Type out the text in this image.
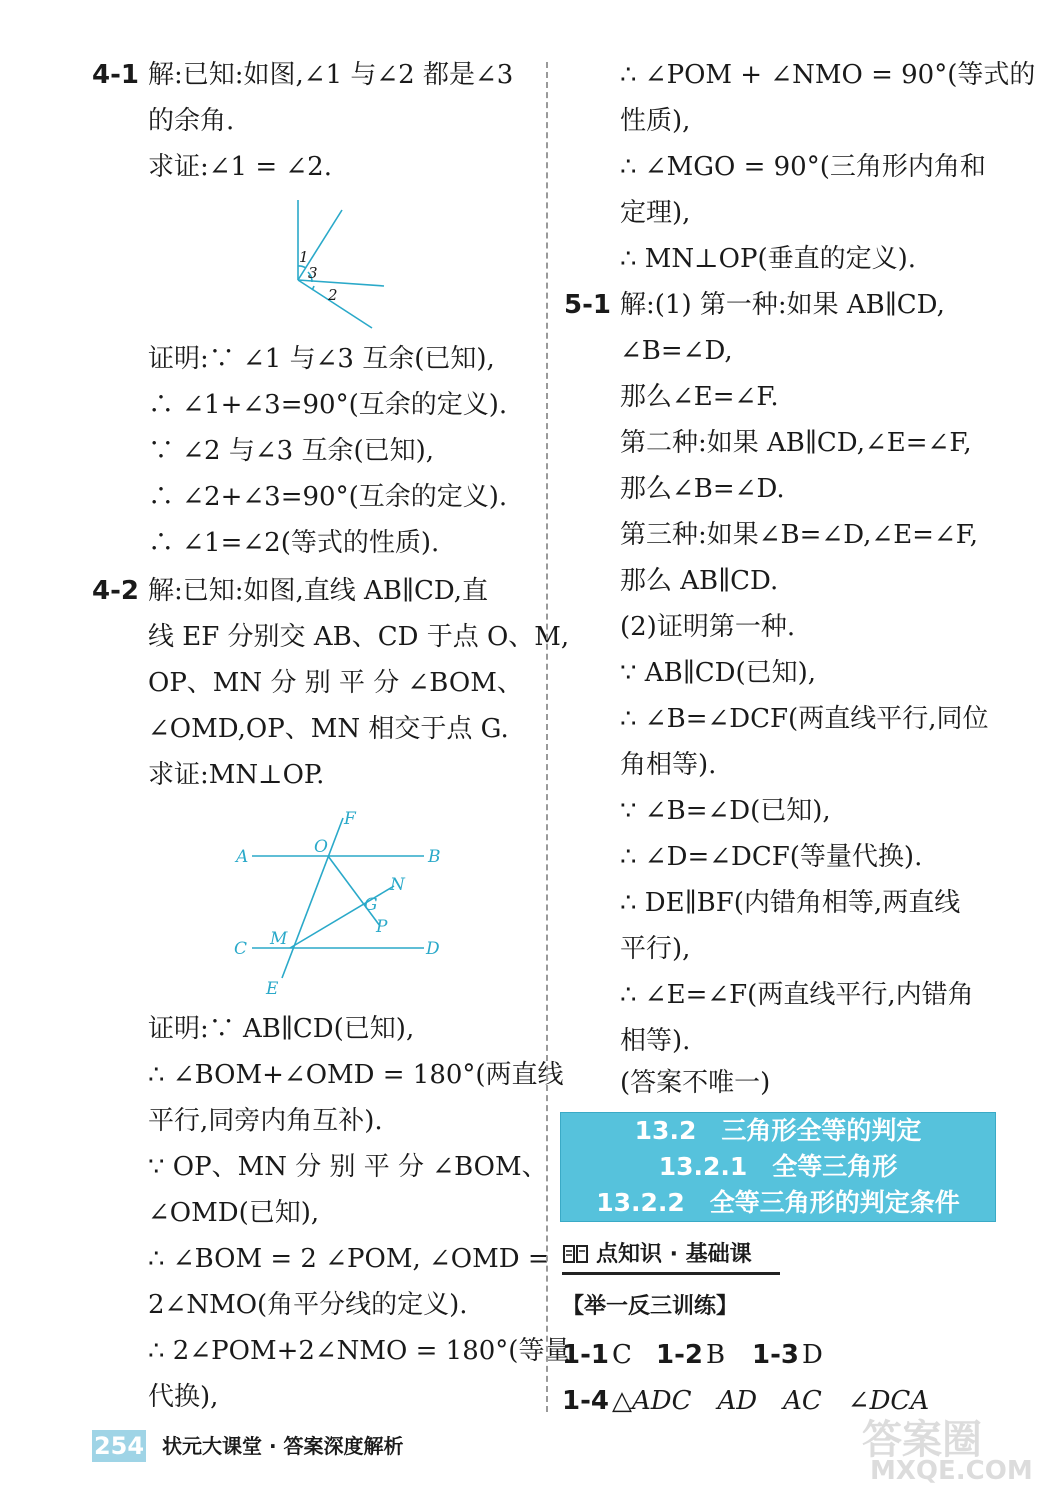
4-1 解:已知:如图,∠1 与∠2 都是∠3
的余角.
求证:∠1 = ∠2.
1
3
2
证明:∵ ∠1 与∠3 互余(已知),
∴ ∠1+∠3=90°(互余的定义).
∵ ∠2 与∠3 互余(已知),
∴ ∠2+∠3=90°(互余的定义).
∴ ∠1=∠2(等式的性质).
4-2 解:已知:如图,直线 AB∥CD,直
线 EF 分别交 AB、CD 于点 O、M,
OP、MN 分 别 平 分 ∠BOM、
∠OMD,OP、MN 相交于点 G.
求证:MN⊥OP.
F
O
A	B
N
G
P
C M	D
E
证明:∵ AB∥CD(已知),
∴ ∠BOM+∠OMD = 180°(两直线
平行,同旁内角互补).
∵ OP、MN 分 别 平 分 ∠BOM、
∠OMD(已知),
∴ ∠BOM = 2 ∠POM, ∠OMD =
2∠NMO(角平分线的定义).
∴ 2∠POM+2∠NMO = 180°(等量
代换),
∴ ∠POM + ∠NMO = 90°(等式的
性质),
∴ ∠MGO = 90°(三角形内角和
定理),
∴ MN⊥OP(垂直的定义).
5-1 解:(1) 第一种:如果 AB∥CD,
∠B=∠D,
那么∠E=∠F.
第二种:如果 AB∥CD,∠E=∠F,
那么∠B=∠D.
第三种:如果∠B=∠D,∠E=∠F,
那么 AB∥CD.
(2)证明第一种.
∵ AB∥CD(已知),
∴ ∠B=∠DCF(两直线平行,同位
角相等).
∵ ∠B=∠D(已知),
∴ ∠D=∠DCF(等量代换).
∴ DE∥BF(内错角相等,两直线
平行),
∴ ∠E=∠F(两直线平行,内错角
相等).
(答案不唯一)
13.2　三角形全等的判定
13.2.1　全等三角形
13.2.2　全等三角形的判定条件
点知识 · 基础课
【举一反三训练】
1-1 C 1-2 B 1-3 D
1-4 △ADC　AD　AC　∠DCA
254 状元大课堂 · 答案深度解析	答案圈
MXQE.COM
